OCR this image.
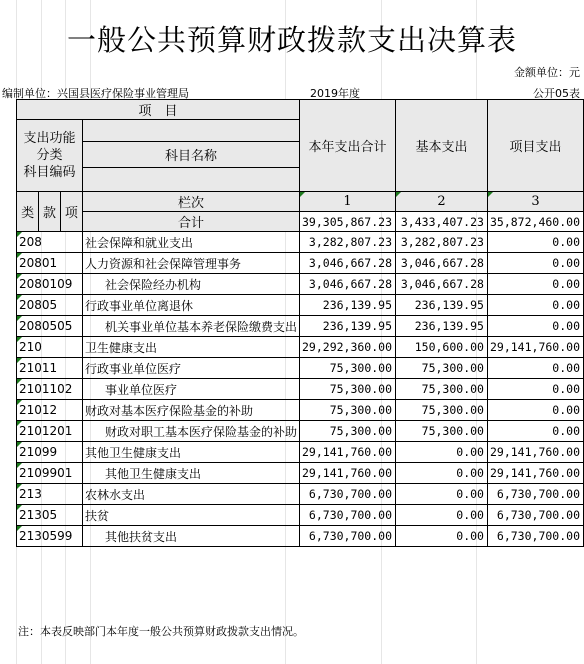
一般公共预算财政拨款支出决算表
金额单位：元
编制单位：兴国县医疗保险事业管理局	2019年度	公开05表
项　目				本年支出合计	基本支出	项目支出
支出功能分类
科目编码						
			科目名称			

类	款	项	栏次	1	2	3
			合计	39,305,867.23	3,433,407.23	35,872,460.00

208			社会保障和就业支出	3,282,807.23	3,282,807.23	0.00

20801			人力资源和社会保障管理事务	3,046,667.28	3,046,667.28	0.00

2080109			社会保险经办机构	3,046,667.28	3,046,667.28	0.00

20805			行政事业单位离退休	236,139.95	236,139.95	0.00

2080505			机关事业单位基本养老保险缴费支出	236,139.95	236,139.95	0.00

210			卫生健康支出	29,292,360.00	150,600.00	29,141,760.00

21011			行政事业单位医疗	75,300.00	75,300.00	0.00

2101102			事业单位医疗	75,300.00	75,300.00	0.00

21012			财政对基本医疗保险基金的补助	75,300.00	75,300.00	0.00

2101201			财政对职工基本医疗保险基金的补助	75,300.00	75,300.00	0.00

21099			其他卫生健康支出	29,141,760.00	0.00	29,141,760.00

2109901			其他卫生健康支出	29,141,760.00	0.00	29,141,760.00

213			农林水支出	6,730,700.00	0.00	6,730,700.00

21305			扶贫	6,730,700.00	0.00	6,730,700.00

2130599			其他扶贫支出	6,730,700.00	0.00	6,730,700.00
注：本表反映部门本年度一般公共预算财政拨款支出情况。
